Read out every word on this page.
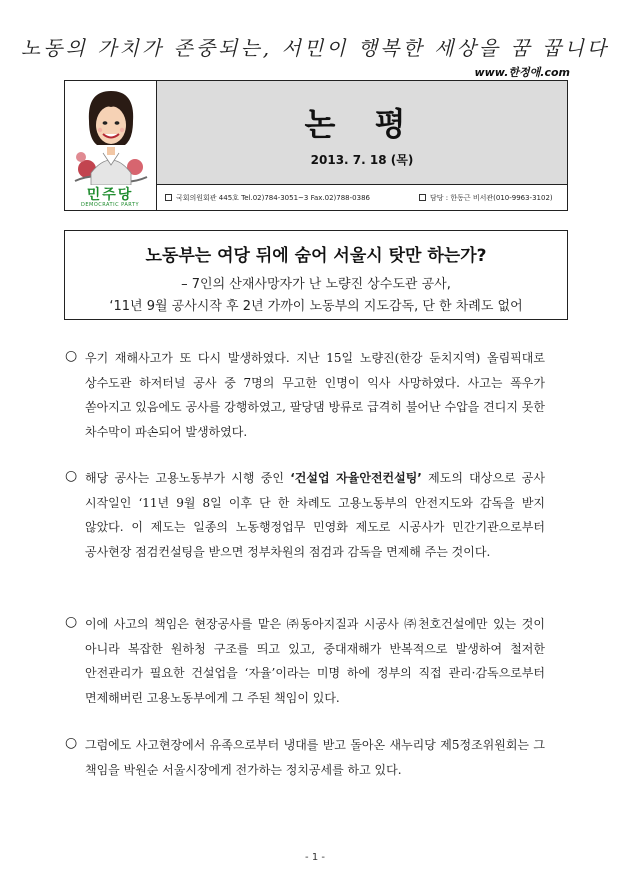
노동의 가치가 존중되는, 서민이 행복한 세상을 꿈 꿉니다
www.한정애.com
민주당
DEMOCRATIC PARTY
논 평
2013. 7. 18 (목)
국회의원회관 445호 Tel.02)784-3051~3 Fax.02)788-0386	담당 : 한동근 비서관(010-9963-3102)
노동부는 여당 뒤에 숨어 서울시 탓만 하는가?
– 7인의 산재사망자가 난 노량진 상수도관 공사,
‘11년 9월 공사시작 후 2년 가까이 노동부의 지도감독, 단 한 차례도 없어
○ 우기 재해사고가 또 다시 발생하였다. 지난 15일 노량진(한강 둔치지역) 올림픽대로 상수도관 하저터널 공사 중 7명의 무고한 인명이 익사 사망하였다. 사고는 폭우가 쏟아지고 있음에도 공사를 강행하였고, 팔당댐 방류로 급격히 불어난 수압을 견디지 못한 차수막이 파손되어 발생하였다.

○ 해당 공사는 고용노동부가 시행 중인 ‘건설업 자율안전컨설팅’ 제도의 대상으로 공사 시작일인 ‘11년 9월 8일 이후 단 한 차례도 고용노동부의 안전지도와 감독을 받지 않았다. 이 제도는 일종의 노동행정업무 민영화 제도로 시공사가 민간기관으로부터 공사현장 점검컨설팅을 받으면 정부차원의 점검과 감독을 면제해 주는 것이다.

○ 이에 사고의 책임은 현장공사를 맡은 ㈜동아지질과 시공사 ㈜천호건설에만 있는 것이 아니라 복잡한 원하청 구조를 띄고 있고, 중대재해가 반복적으로 발생하여 철저한 안전관리가 필요한 건설업을 ‘자율’이라는 미명 하에 정부의 직접 관리·감독으로부터 면제해버린 고용노동부에게 그 주된 책임이 있다.

○ 그럼에도 사고현장에서 유족으로부터 냉대를 받고 돌아온 새누리당 제5정조위원회는 그 책임을 박원순 서울시장에게 전가하는 정치공세를 하고 있다.

- 1 -
